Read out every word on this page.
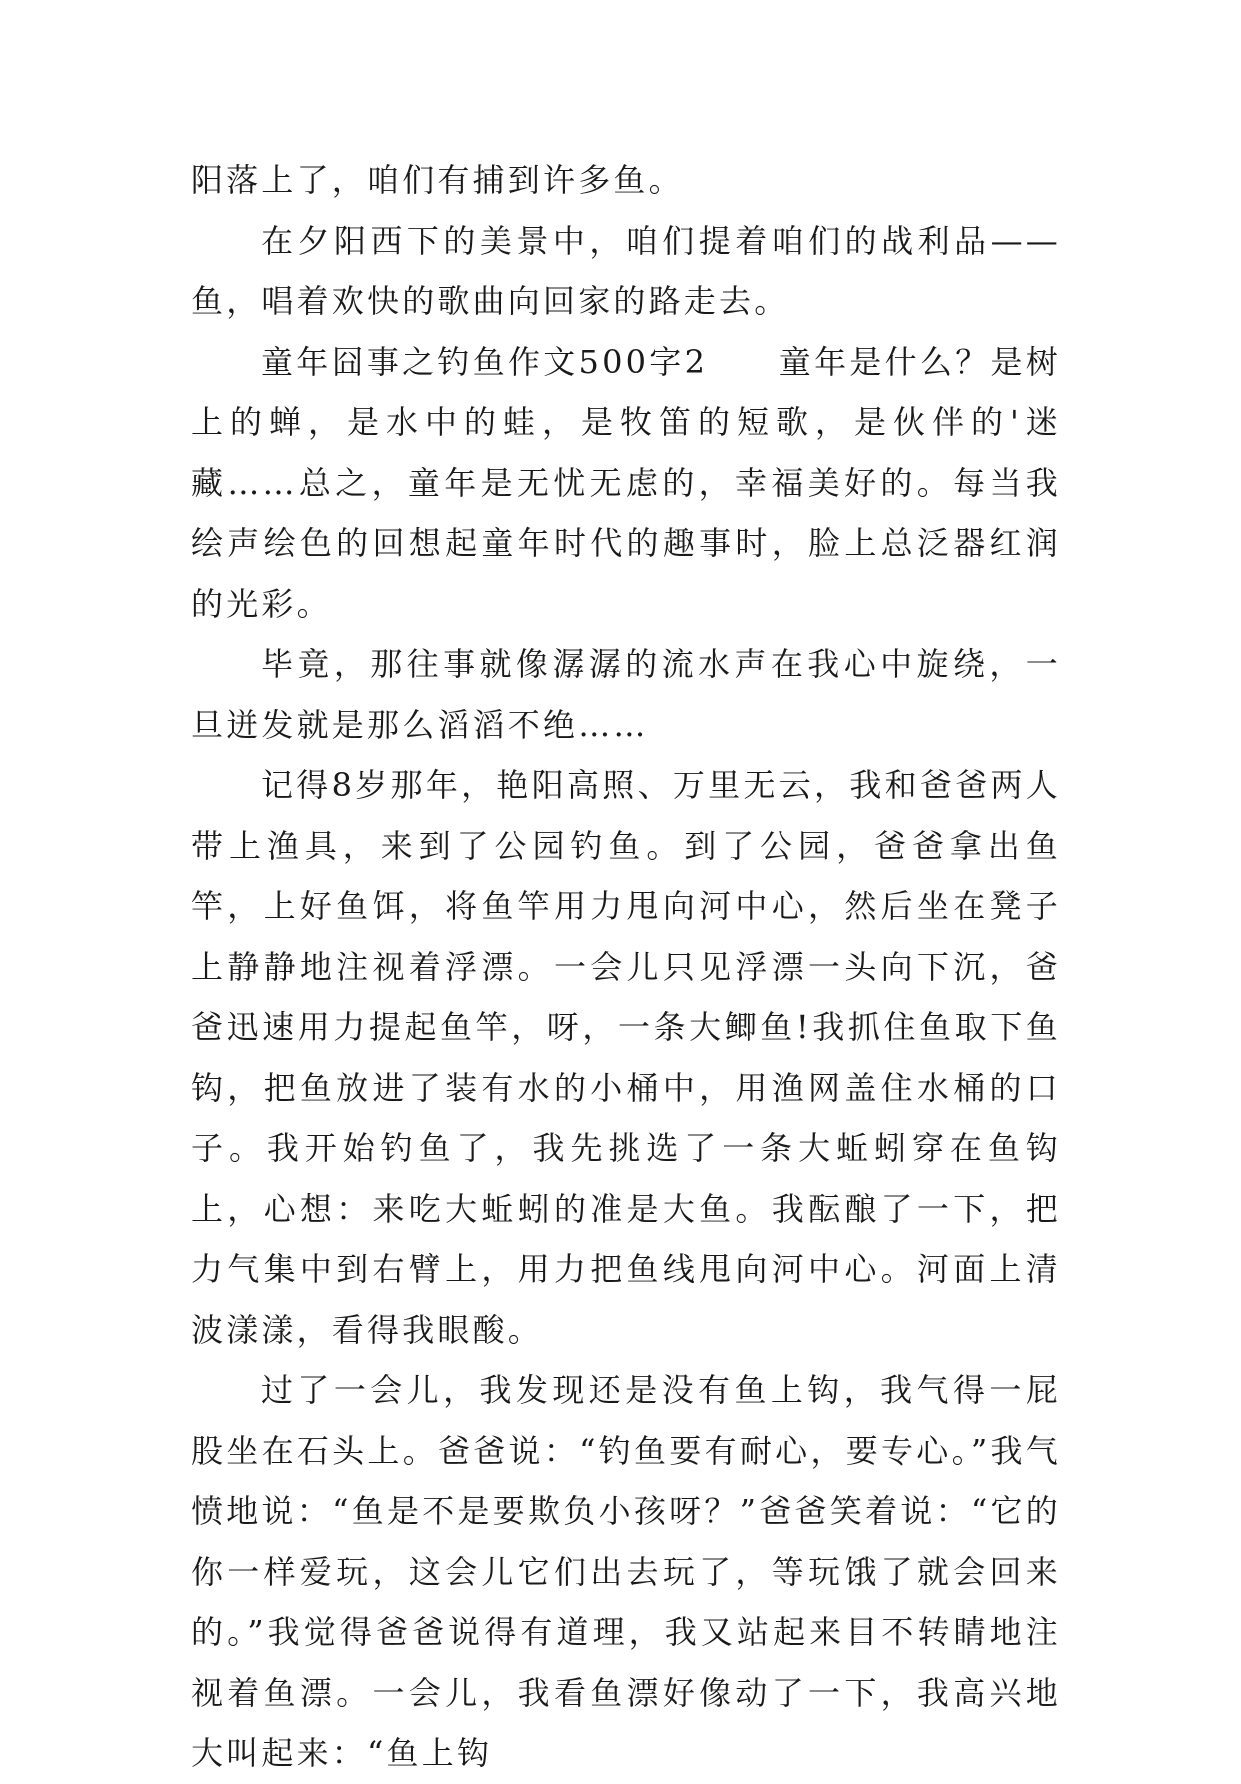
阳落上了，咱们有捕到许多鱼。

在夕阳西下的美景中，咱们提着咱们的战利品——鱼，唱着欢快的歌曲向回家的路走去。

童年囧事之钓鱼作文500字2　　童年是什么？是树上的蝉，是水中的蛙，是牧笛的短歌，是伙伴的'迷藏……总之，童年是无忧无虑的，幸福美好的。每当我绘声绘色的回想起童年时代的趣事时，脸上总泛器红润的光彩。

毕竟，那往事就像潺潺的流水声在我心中旋绕，一旦迸发就是那么滔滔不绝……

记得8岁那年，艳阳高照、万里无云，我和爸爸两人带上渔具，来到了公园钓鱼。到了公园，爸爸拿出鱼竿，上好鱼饵，将鱼竿用力甩向河中心，然后坐在凳子上静静地注视着浮漂。一会儿只见浮漂一头向下沉，爸爸迅速用力提起鱼竿，呀，一条大鲫鱼!我抓住鱼取下鱼钩，把鱼放进了装有水的小桶中，用渔网盖住水桶的口子。我开始钓鱼了，我先挑选了一条大蚯蚓穿在鱼钩上，心想：来吃大蚯蚓的准是大鱼。我酝酿了一下，把力气集中到右臂上，用力把鱼线甩向河中心。河面上清波漾漾，看得我眼酸。

过了一会儿，我发现还是没有鱼上钩，我气得一屁股坐在石头上。爸爸说：“钓鱼要有耐心，要专心。”我气愤地说：“鱼是不是要欺负小孩呀？”爸爸笑着说：“它的你一样爱玩，这会儿它们出去玩了，等玩饿了就会回来的。”我觉得爸爸说得有道理，我又站起来目不转睛地注视着鱼漂。一会儿，我看鱼漂好像动了一下，我高兴地大叫起来：“鱼上钩
